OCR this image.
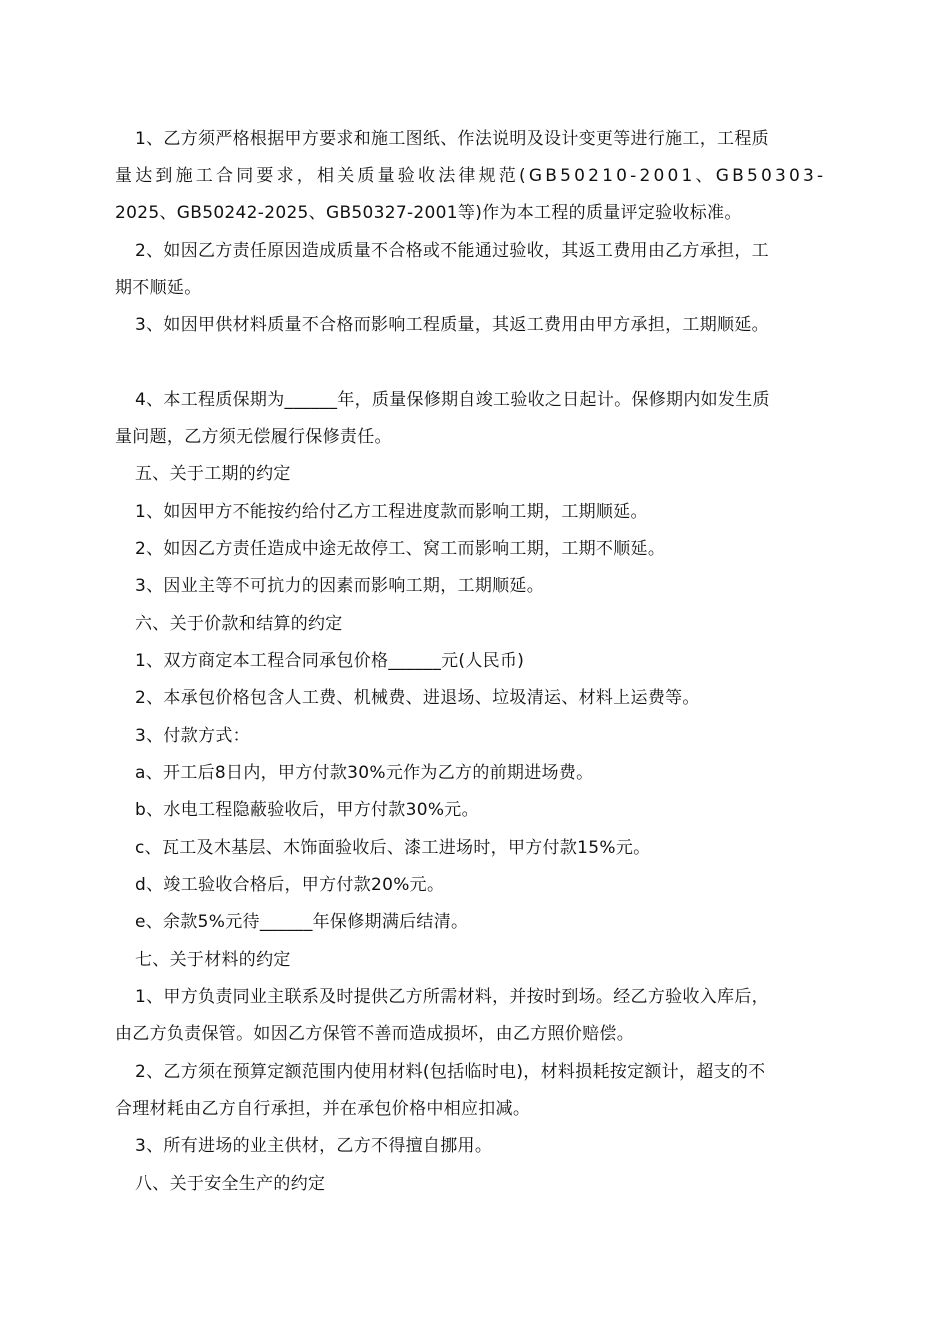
1、乙方须严格根据甲方要求和施工图纸、作法说明及设计变更等进行施工，工程质
量达到施工合同要求，相关质量验收法律规范(GB50210-2001、GB50303-
2025、GB50242-2025、GB50327-2001等)作为本工程的质量评定验收标准。
2、如因乙方责任原因造成质量不合格或不能通过验收，其返工费用由乙方承担，工
期不顺延。
3、如因甲供材料质量不合格而影响工程质量，其返工费用由甲方承担，工期顺延。
4、本工程质保期为______年，质量保修期自竣工验收之日起计。保修期内如发生质
量问题，乙方须无偿履行保修责任。
五、关于工期的约定
1、如因甲方不能按约给付乙方工程进度款而影响工期，工期顺延。
2、如因乙方责任造成中途无故停工、窝工而影响工期，工期不顺延。
3、因业主等不可抗力的因素而影响工期，工期顺延。
六、关于价款和结算的约定
1、双方商定本工程合同承包价格______元(人民币)
2、本承包价格包含人工费、机械费、进退场、垃圾清运、材料上运费等。
3、付款方式：
a、开工后8日内，甲方付款30%元作为乙方的前期进场费。
b、水电工程隐蔽验收后，甲方付款30%元。
c、瓦工及木基层、木饰面验收后、漆工进场时，甲方付款15%元。
d、竣工验收合格后，甲方付款20%元。
e、余款5%元待______年保修期满后结清。
七、关于材料的约定
1、甲方负责同业主联系及时提供乙方所需材料，并按时到场。经乙方验收入库后，
由乙方负责保管。如因乙方保管不善而造成损坏，由乙方照价赔偿。
2、乙方须在预算定额范围内使用材料(包括临时电)，材料损耗按定额计，超支的不
合理材耗由乙方自行承担，并在承包价格中相应扣减。
3、所有进场的业主供材，乙方不得擅自挪用。
八、关于安全生产的约定
